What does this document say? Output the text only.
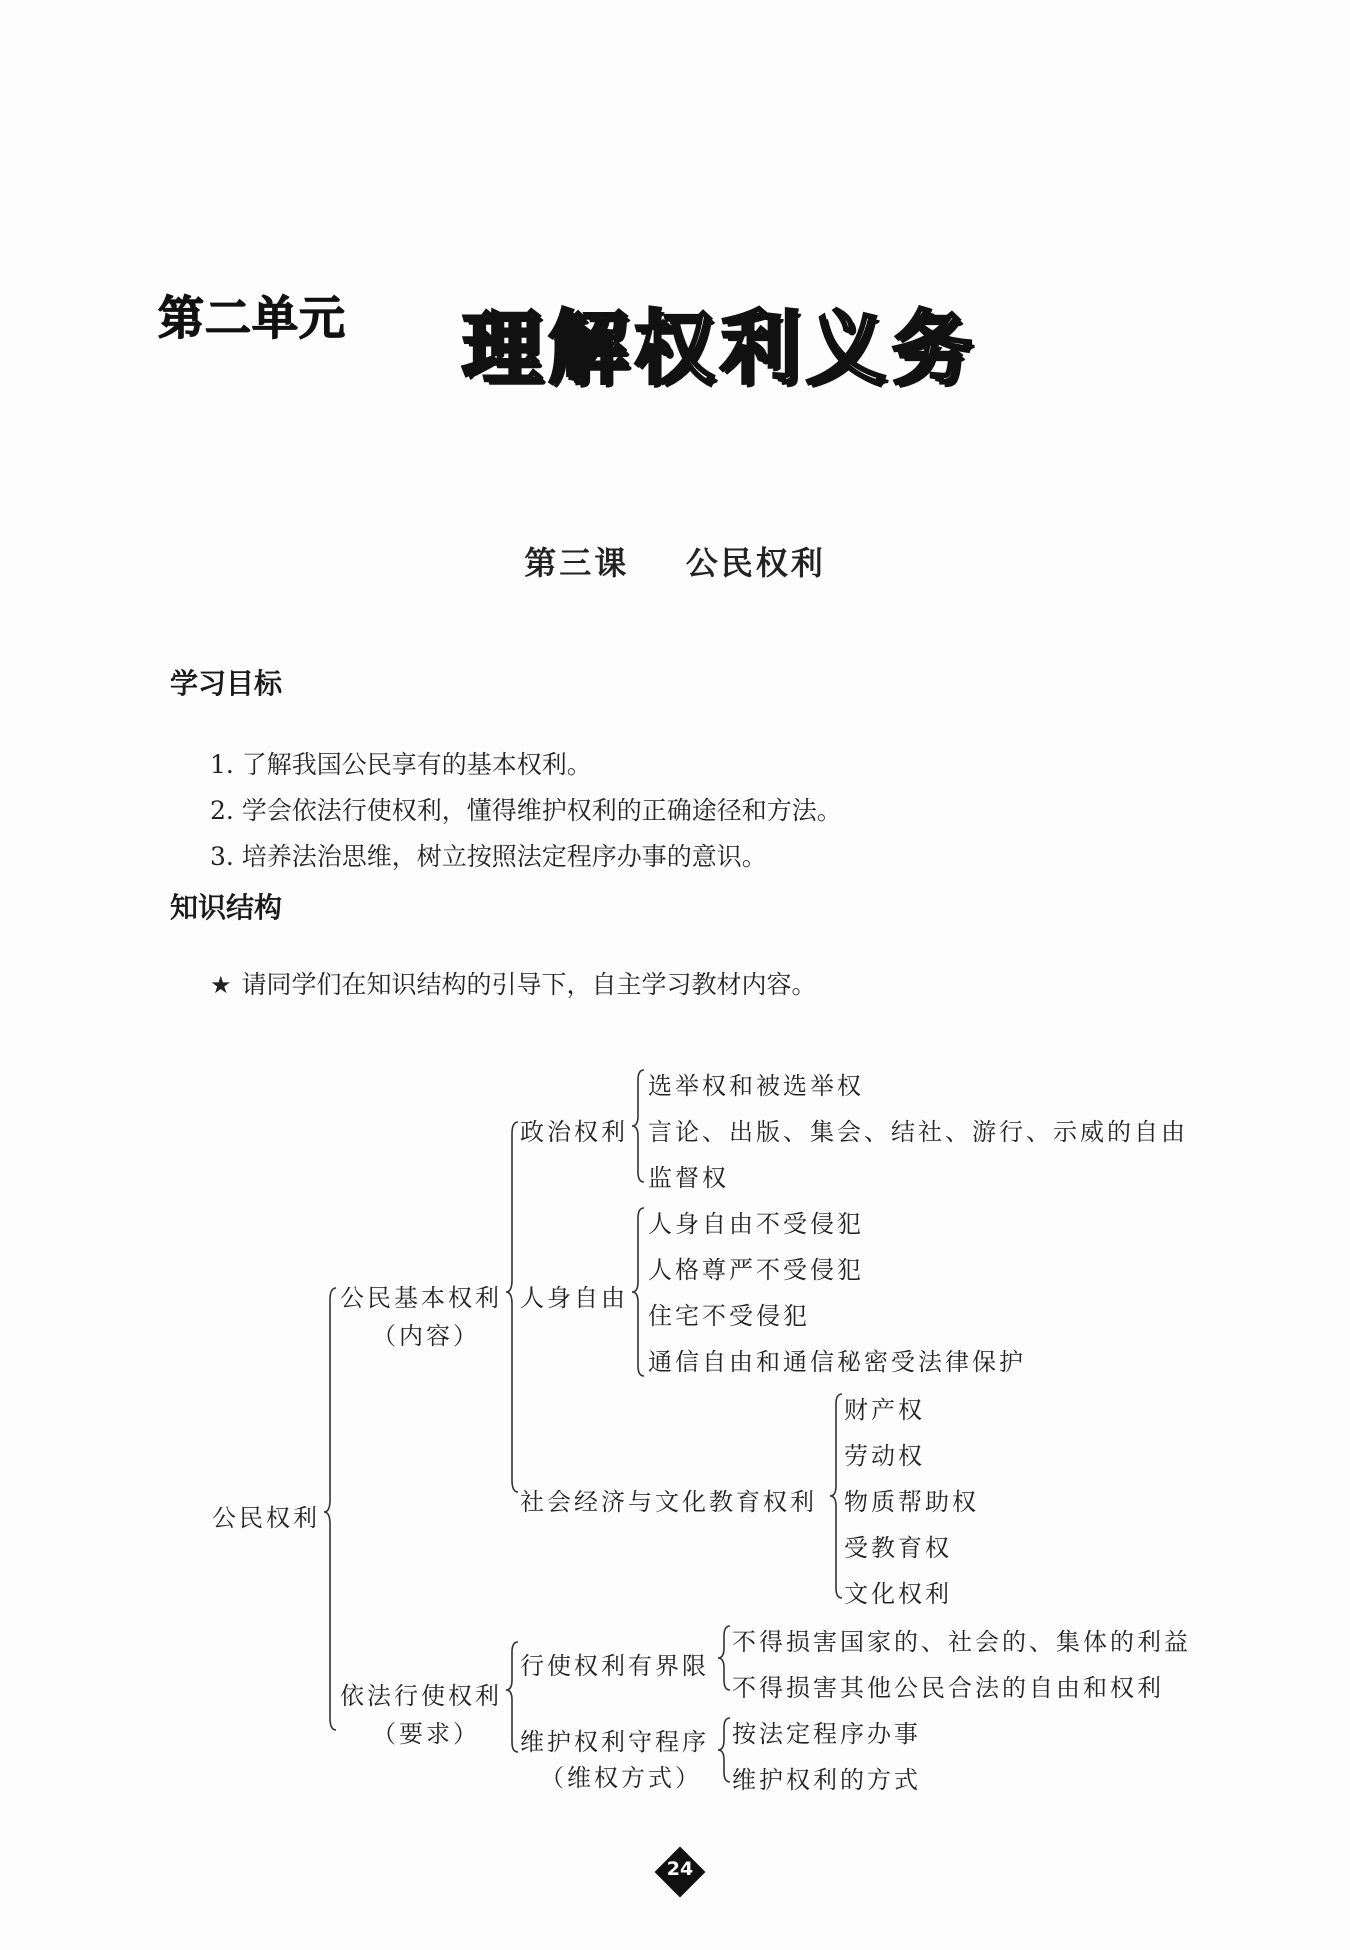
第二单元 理解权利义务
第三课    公民权利
学习目标
1. 了解我国公民享有的基本权利。
2. 学会依法行使权利，懂得维护权利的正确途径和方法。
3. 培养法治思维，树立按照法定程序办事的意识。
知识结构
★ 请同学们在知识结构的引导下，自主学习教材内容。
公民权利
公民基本权利
（内容）
政治权利
选举权和被选举权
言论、出版、集会、结社、游行、示威的自由
监督权
人身自由
人身自由不受侵犯
人格尊严不受侵犯
住宅不受侵犯
通信自由和通信秘密受法律保护
社会经济与文化教育权利
财产权
劳动权
物质帮助权
受教育权
文化权利
依法行使权利
（要求）
行使权利有界限
不得损害国家的、社会的、集体的利益
不得损害其他公民合法的自由和权利
维护权利守程序
（维权方式）
按法定程序办事
维护权利的方式
24
